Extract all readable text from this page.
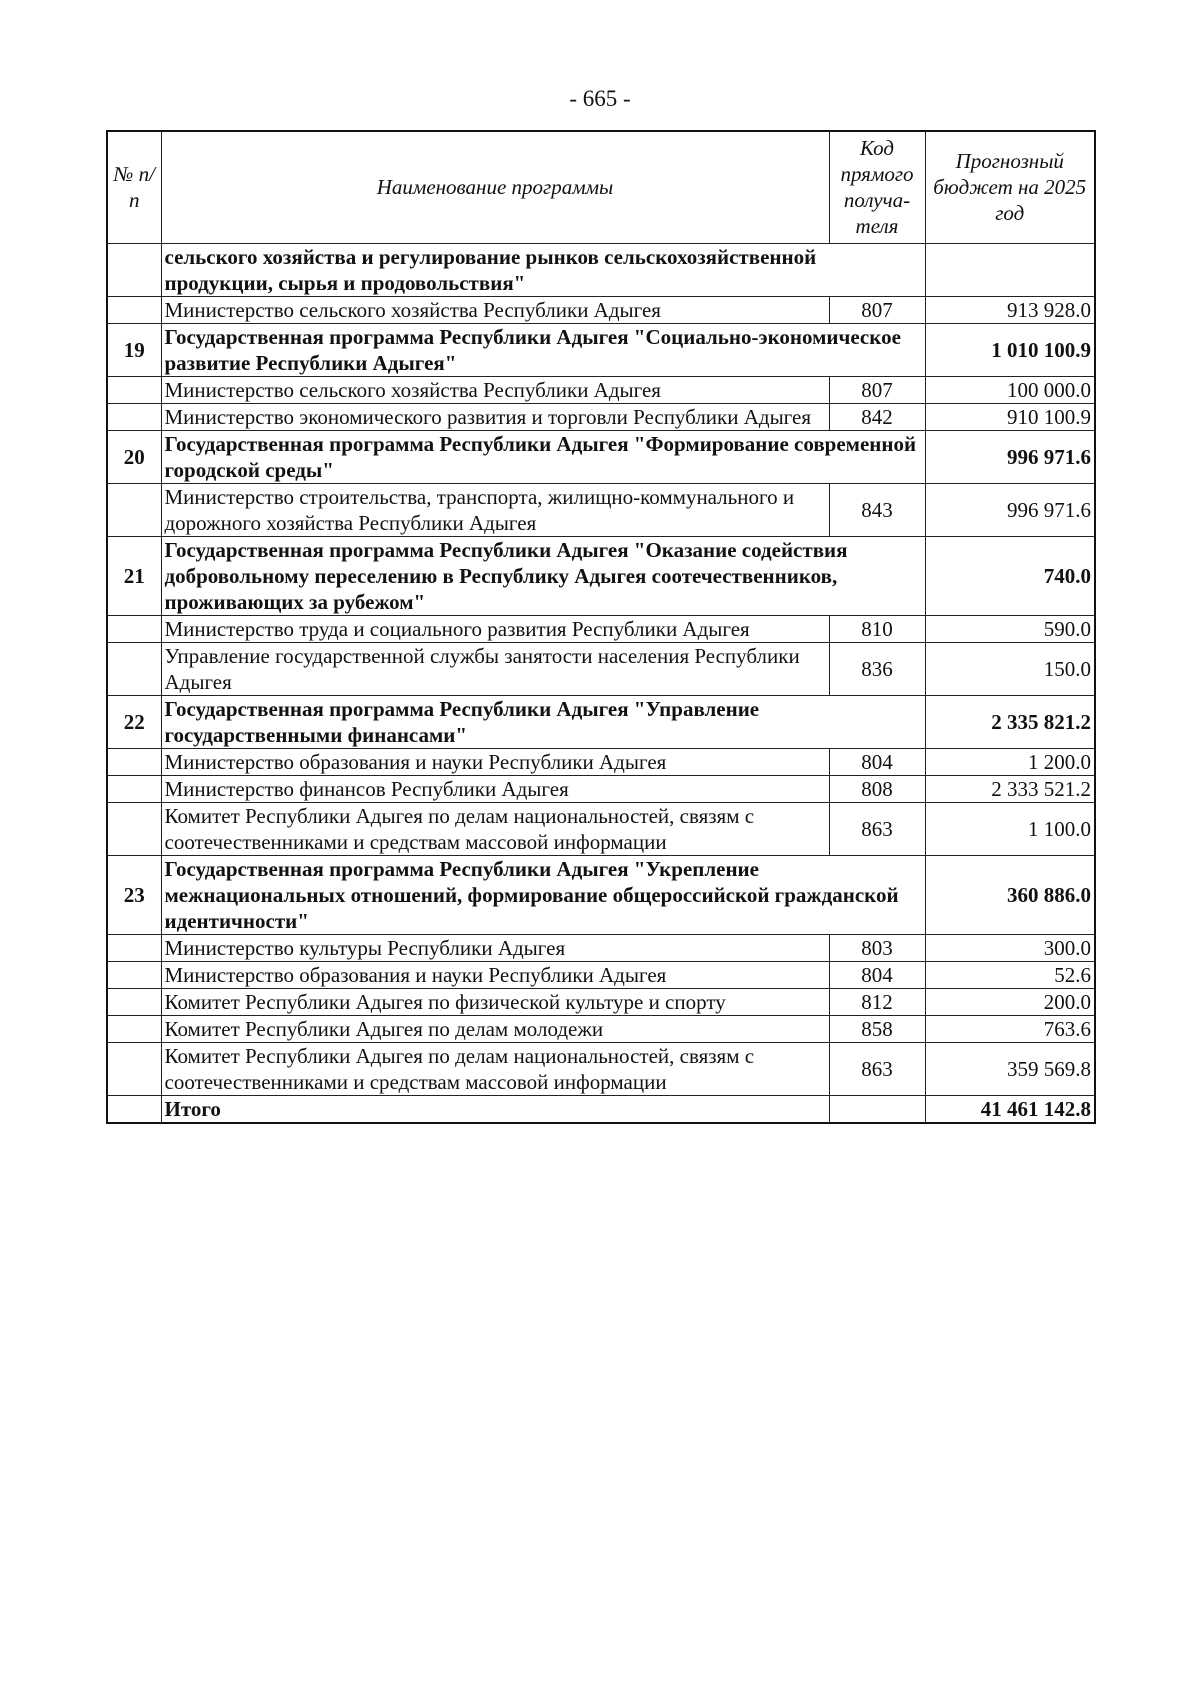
- 665 -
№ п/п	Наименование программы	Код прямого получа-теля	Прогнозный бюджет на 2025 год
	сельского хозяйства и регулирование рынков сельскохозяйственной продукции, сырья и продовольствия"		
	Министерство сельского хозяйства Республики Адыгея	807	913 928.0
19	Государственная программа Республики Адыгея "Социально-экономическое развитие Республики Адыгея"		1 010 100.9
	Министерство сельского хозяйства Республики Адыгея	807	100 000.0
	Министерство экономического развития и торговли Республики Адыгея	842	910 100.9
20	Государственная программа Республики Адыгея "Формирование современной городской среды"		996 971.6
	Министерство строительства, транспорта, жилищно-коммунального и дорожного хозяйства Республики Адыгея	843	996 971.6
21	Государственная программа Республики Адыгея "Оказание содействия добровольному переселению в Республику Адыгея соотечественников, проживающих за рубежом"		740.0
	Министерство труда и социального развития Республики Адыгея	810	590.0
	Управление государственной службы занятости населения Республики Адыгея	836	150.0
22	Государственная программа Республики Адыгея "Управление государственными финансами"		2 335 821.2
	Министерство образования и науки Республики Адыгея	804	1 200.0
	Министерство финансов Республики Адыгея	808	2 333 521.2
	Комитет Республики Адыгея по делам национальностей, связям с соотечественниками и средствам массовой информации	863	1 100.0
23	Государственная программа Республики Адыгея "Укрепление межнациональных отношений, формирование общероссийской гражданской идентичности"		360 886.0
	Министерство культуры Республики Адыгея	803	300.0
	Министерство образования и науки Республики Адыгея	804	52.6
	Комитет Республики Адыгея по физической культуре и спорту	812	200.0
	Комитет Республики Адыгея по делам молодежи	858	763.6
	Комитет Республики Адыгея по делам национальностей, связям с соотечественниками и средствам массовой информации	863	359 569.8
	Итого		41 461 142.8
